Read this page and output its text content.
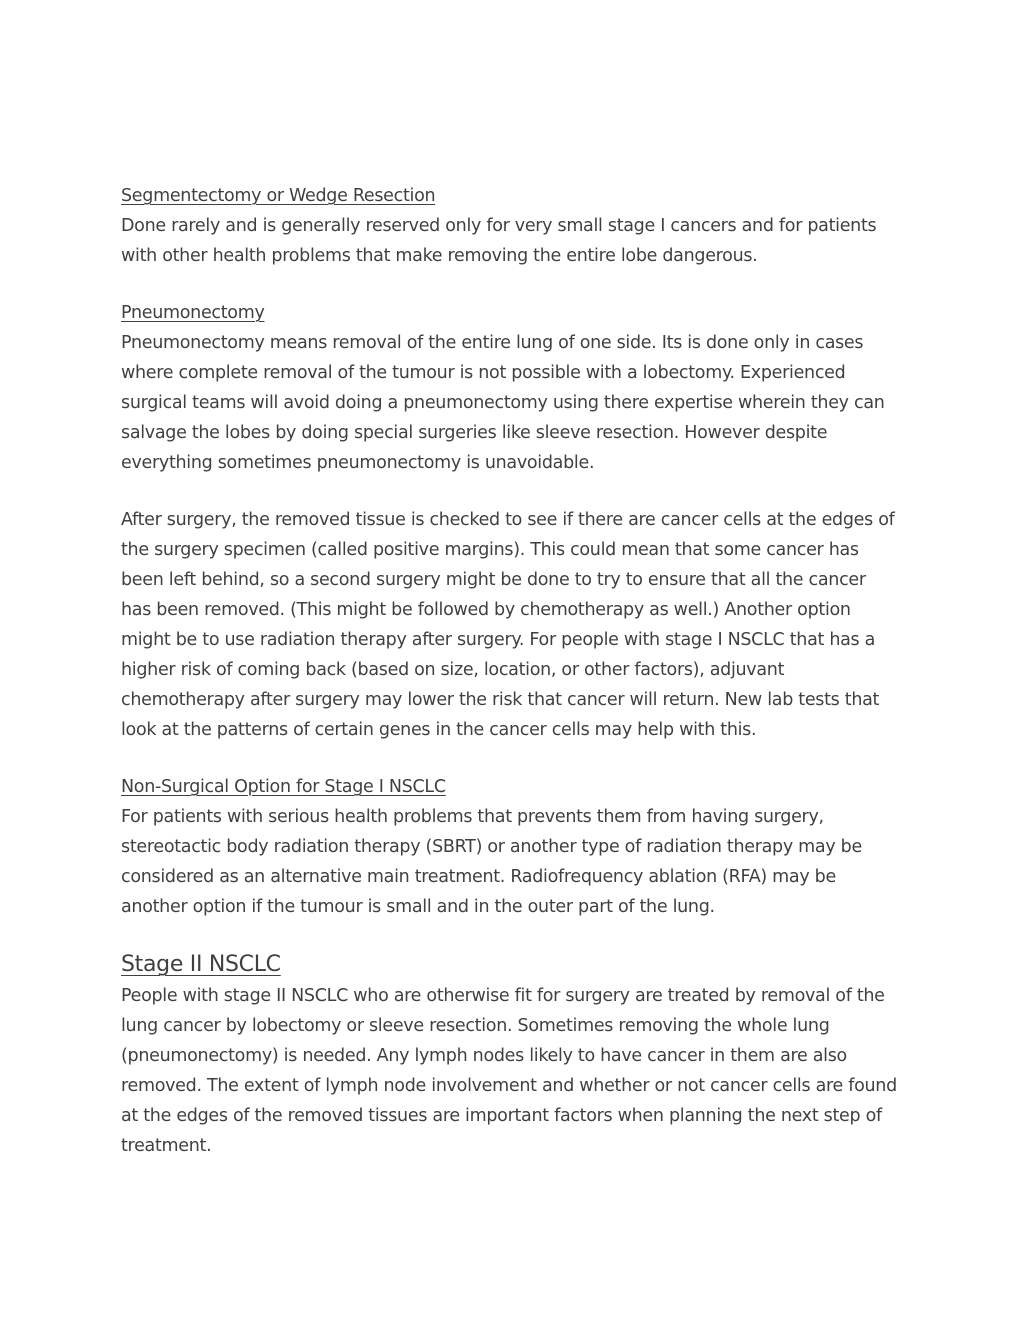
Segmentectomy or Wedge Resection

Done rarely and is generally reserved only for very small stage I cancers and for patients with other health problems that make removing the entire lobe dangerous.

Pneumonectomy

Pneumonectomy means removal of the entire lung of one side. Its is done only in cases where complete removal of the tumour is not possible with a lobectomy. Experienced surgical teams will avoid doing a pneumonectomy using there expertise wherein they can salvage the lobes by doing special surgeries like sleeve resection. However despite everything sometimes pneumonectomy is unavoidable.

After surgery, the removed tissue is checked to see if there are cancer cells at the edges of the surgery specimen (called positive margins). This could mean that some cancer has been left behind, so a second surgery might be done to try to ensure that all the cancer has been removed. (This might be followed by chemotherapy as well.) Another option might be to use radiation therapy after surgery. For people with stage I NSCLC that has a higher risk of coming back (based on size, location, or other factors), adjuvant chemotherapy after surgery may lower the risk that cancer will return. New lab tests that look at the patterns of certain genes in the cancer cells may help with this.

Non-Surgical Option for Stage I NSCLC

For patients with serious health problems that prevents them from having surgery, stereotactic body radiation therapy (SBRT) or another type of radiation therapy may be considered as an alternative main treatment. Radiofrequency ablation (RFA) may be another option if the tumour is small and in the outer part of the lung.

Stage II NSCLC

People with stage II NSCLC who are otherwise fit for surgery are treated by removal of the lung cancer by lobectomy or sleeve resection. Sometimes removing the whole lung (pneumonectomy) is needed. Any lymph nodes likely to have cancer in them are also removed. The extent of lymph node involvement and whether or not cancer cells are found at the edges of the removed tissues are important factors when planning the next step of treatment.
